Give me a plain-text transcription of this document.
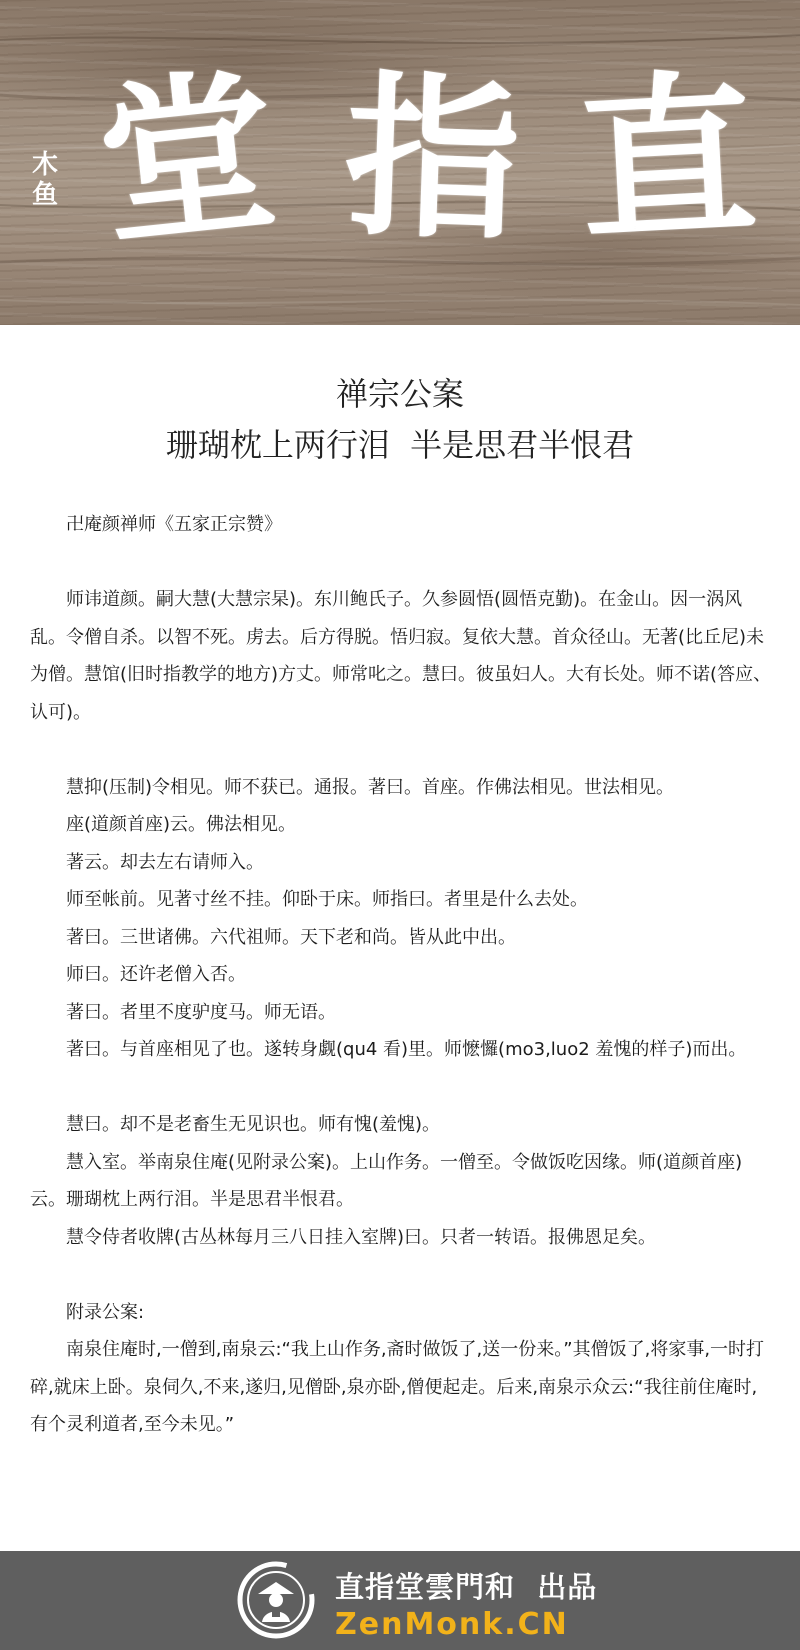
木鱼 堂 指 直
禅宗公案
珊瑚枕上两行泪  半是思君半恨君

卍庵颜禅师《五家正宗赞》

师讳道颜。嗣大慧(大慧宗杲)。东川鲍氏子。久参圆悟(圆悟克勤)。在金山。因一涡风乱。令僧自杀。以智不死。虏去。后方得脱。悟归寂。复依大慧。首众径山。无著(比丘尼)未为僧。慧馆(旧时指教学的地方)方丈。师常叱之。慧曰。彼虽妇人。大有长处。师不诺(答应、认可)。

慧抑(压制)令相见。师不获已。通报。著曰。首座。作佛法相见。世法相见。

座(道颜首座)云。佛法相见。

著云。却去左右请师入。

师至帐前。见著寸丝不挂。仰卧于床。师指曰。者里是什么去处。

著曰。三世诸佛。六代祖师。天下老和尚。皆从此中出。

师曰。还许老僧入否。

著曰。者里不度驴度马。师无语。

著曰。与首座相见了也。遂转身觑(qu4 看)里。师懡㦬(mo3,luo2 羞愧的样子)而出。

慧曰。却不是老畜生无见识也。师有愧(羞愧)。

慧入室。举南泉住庵(见附录公案)。上山作务。一僧至。令做饭吃因缘。师(道颜首座)云。珊瑚枕上两行泪。半是思君半恨君。

慧令侍者收牌(古丛林每月三八日挂入室牌)曰。只者一转语。报佛恩足矣。

附录公案:

南泉住庵时,一僧到,南泉云:“我上山作务,斋时做饭了,送一份来。”其僧饭了,将家事,一时打碎,就床上卧。泉伺久,不来,遂归,见僧卧,泉亦卧,僧便起走。后来,南泉示众云:“我往前住庵时,有个灵利道者,至今未见。”

直指堂雲門和  出品
ZenMonk.CN
